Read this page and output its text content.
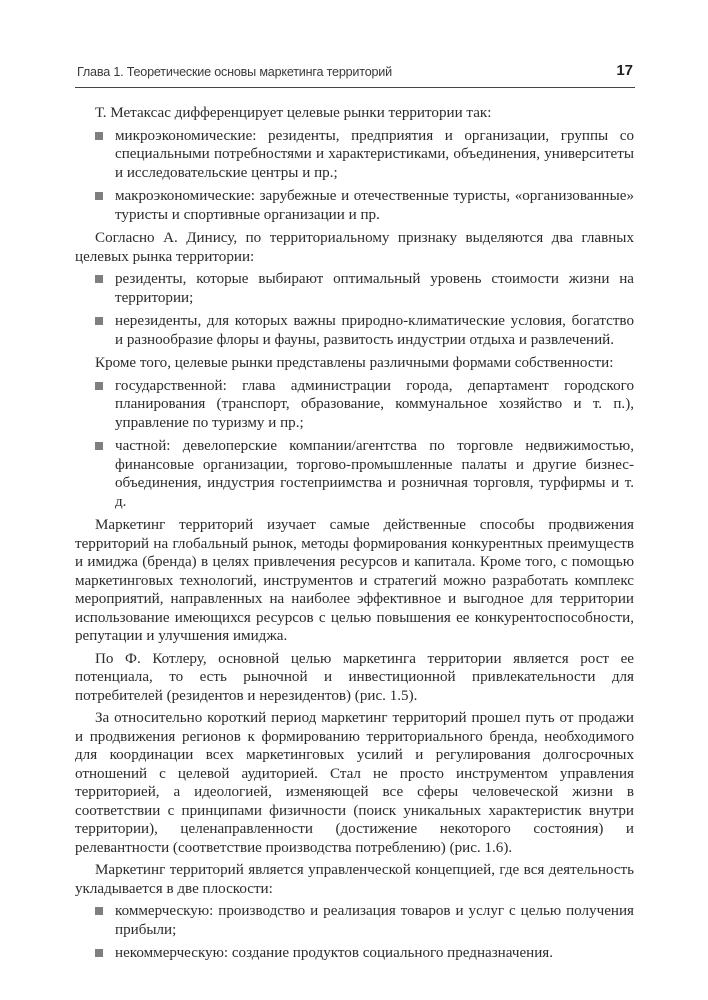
Глава 1. Теоретические основы маркетинга территорий	17

Т. Метаксас дифференцирует целевые рынки территории так:

микроэкономические: резиденты, предприятия и организации, группы со специальными потребностями и характеристиками, объединения, университеты и исследовательские центры и пр.;
макроэкономические: зарубежные и отечественные туристы, «организованные» туристы и спортивные организации и пр.

Согласно А. Динису, по территориальному признаку выделяются два главных целевых рынка территории:

резиденты, которые выбирают оптимальный уровень стоимости жизни на территории;
нерезиденты, для которых важны природно-климатические условия, богатство и разнообразие флоры и фауны, развитость индустрии отдыха и развлечений.

Кроме того, целевые рынки представлены различными формами собственности:

государственной: глава администрации города, департамент городского планирования (транспорт, образование, коммунальное хозяйство и т. п.), управление по туризму и пр.;
частной: девелоперские компании/агентства по торговле недвижимостью, финансовые организации, торгово-промышленные палаты и другие бизнес-объединения, индустрия гостеприимства и розничная торговля, турфирмы и т. д.

Маркетинг территорий изучает самые действенные способы продвижения территорий на глобальный рынок, методы формирования конкурентных преимуществ и имиджа (бренда) в целях привлечения ресурсов и капитала. Кроме того, с помощью маркетинговых технологий, инструментов и стратегий можно разработать комплекс мероприятий, направленных на наиболее эффективное и выгодное для территории использование имеющихся ресурсов с целью повышения ее конкурентоспособности, репутации и улучшения имиджа.

По Ф. Котлеру, основной целью маркетинга территории является рост ее потенциала, то есть рыночной и инвестиционной привлекательности для потребителей (резидентов и нерезидентов) (рис. 1.5).

За относительно короткий период маркетинг территорий прошел путь от продажи и продвижения регионов к формированию территориального бренда, необходимого для координации всех маркетинговых усилий и регулирования долгосрочных отношений с целевой аудиторией. Стал не просто инструментом управления территорией, а идеологией, изменяющей все сферы человеческой жизни в соответствии с принципами физичности (поиск уникальных характеристик внутри территории), целенаправленности (достижение некоторого состояния) и релевантности (соответствие производства потреблению) (рис. 1.6).

Маркетинг территорий является управленческой концепцией, где вся деятельность укладывается в две плоскости:

коммерческую: производство и реализация товаров и услуг с целью получения прибыли;
некоммерческую: создание продуктов социального предназначения.
